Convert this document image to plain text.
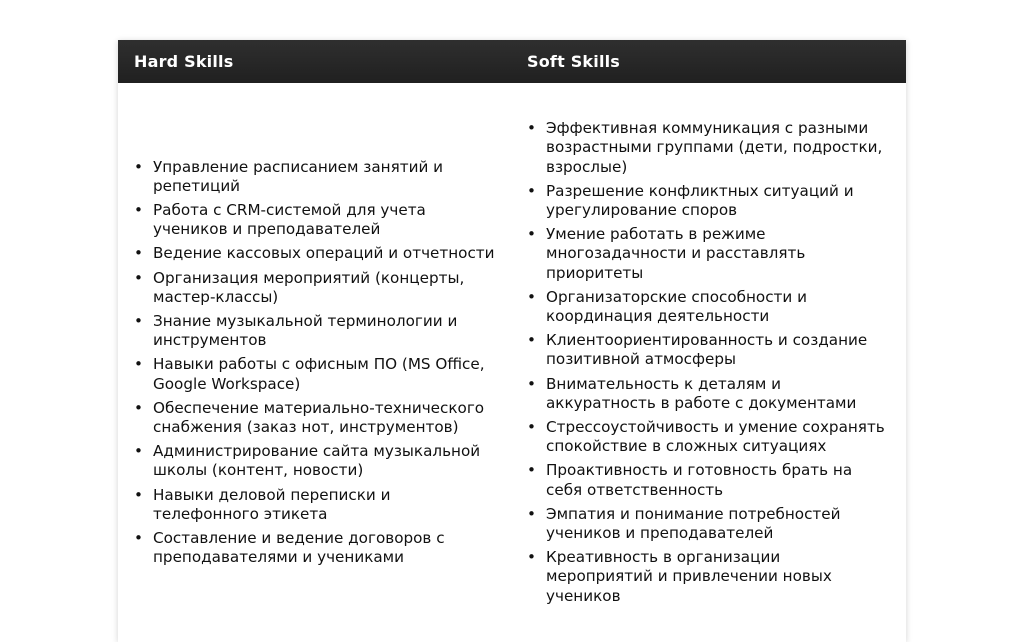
Hard Skills	Soft Skills
• Управление расписанием занятий и репетиций
• Работа с CRM-системой для учета учеников и преподавателей
• Ведение кассовых операций и отчетности
• Организация мероприятий (концерты, мастер-классы)
• Знание музыкальной терминологии и инструментов
• Навыки работы с офисным ПО (MS Office, Google Workspace)
• Обеспечение материально-технического снабжения (заказ нот, инструментов)
• Администрирование сайта музыкальной школы (контент, новости)
• Навыки деловой переписки и телефонного этикета
• Составление и ведение договоров с преподавателями и учениками
• Эффективная коммуникация с разными возрастными группами (дети, подростки, взрослые)
• Разрешение конфликтных ситуаций и урегулирование споров
• Умение работать в режиме многозадачности и расставлять приоритеты
• Организаторские способности и координация деятельности
• Клиентоориентированность и создание позитивной атмосферы
• Внимательность к деталям и аккуратность в работе с документами
• Стрессоустойчивость и умение сохранять спокойствие в сложных ситуациях
• Проактивность и готовность брать на себя ответственность
• Эмпатия и понимание потребностей учеников и преподавателей
• Креативность в организации мероприятий и привлечении новых учеников
